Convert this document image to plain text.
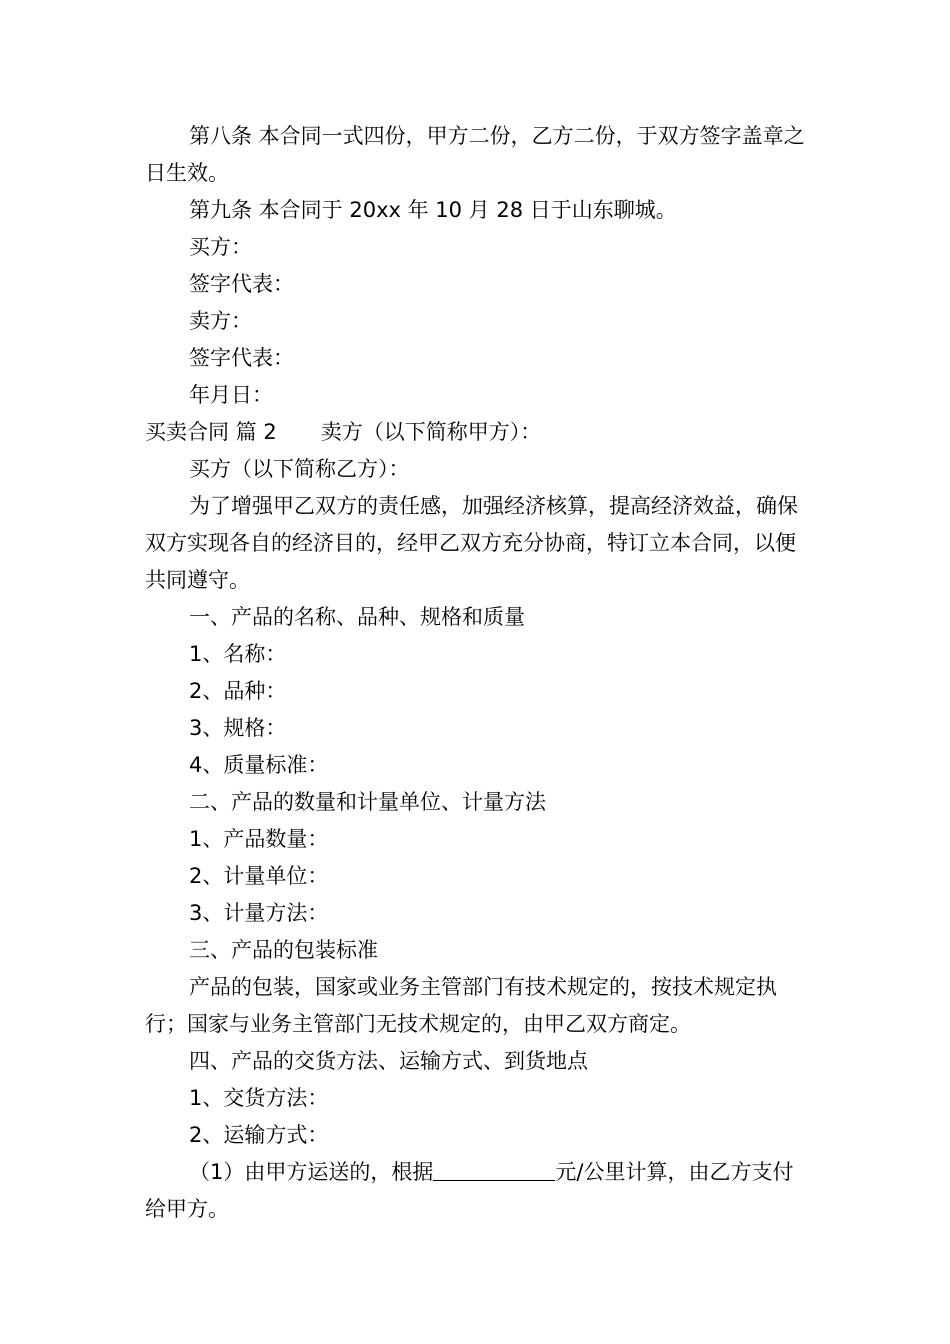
第八条 本合同一式四份，甲方二份，乙方二份，于双方签字盖章之日生效。

第九条 本合同于 20xx 年 10 月 28 日于山东聊城。

买方：

签字代表：

卖方：

签字代表：

年月日：

买卖合同 篇 2 卖方（以下简称甲方）：

买方（以下简称乙方）：

为了增强甲乙双方的责任感，加强经济核算，提高经济效益，确保双方实现各自的经济目的，经甲乙双方充分协商，特订立本合同，以便共同遵守。

一、产品的名称、品种、规格和质量

1、名称：

2、品种：

3、规格：

4、质量标准：

二、产品的数量和计量单位、计量方法

1、产品数量：

2、计量单位：

3、计量方法：

三、产品的包装标准

产品的包装，国家或业务主管部门有技术规定的，按技术规定执行；国家与业务主管部门无技术规定的，由甲乙双方商定。

四、产品的交货方法、运输方式、到货地点

1、交货方法：

2、运输方式：

（1）由甲方运送的，根据	元/公里计算，由乙方支付给甲方。
